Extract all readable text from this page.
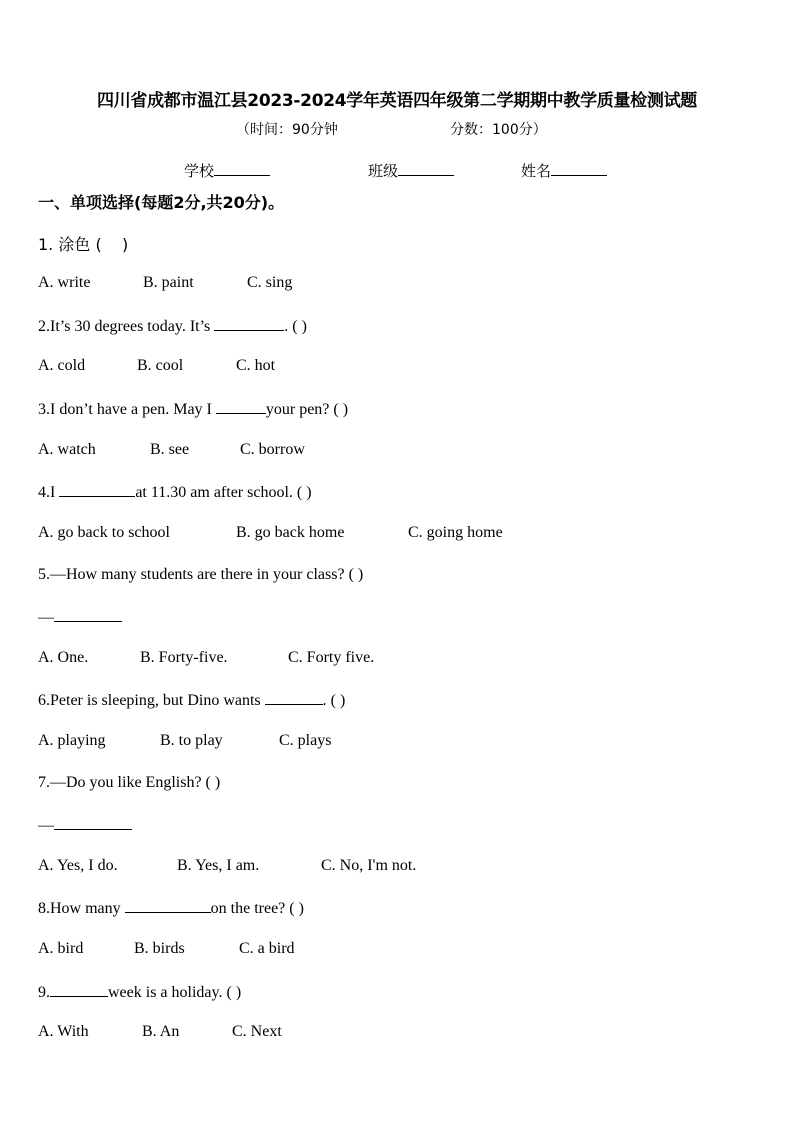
四川省成都市温江县2023-2024学年英语四年级第二学期期中教学质量检测试题
（时间：90分钟	分数：100分）
学校	班级	姓名
一、单项选择(每题2分,共20分)。
1. 涂色 ( )
A. write	B. paint	C. sing
2.It’s 30 degrees today. It’s	. ( )
A. cold	B. cool	C. hot
3.I don’t have a pen. May I	your pen? ( )
A. watch	B. see	C. borrow
4.I	at 11.30 am after school. ( )
A. go back to school	B. go back home	C. going home
5.—How many students are there in your class? ( )
—
A. One.	B. Forty-five.	C. Forty five.
6.Peter is sleeping, but Dino wants	. ( )
A. playing	B. to play	C. plays
7.—Do you like English? ( )
—
A. Yes, I do.	B. Yes, I am.	C. No, I'm not.
8.How many	on the tree? ( )
A. bird	B. birds	C. a bird
9.	week is a holiday. ( )
A. With	B. An	C. Next
